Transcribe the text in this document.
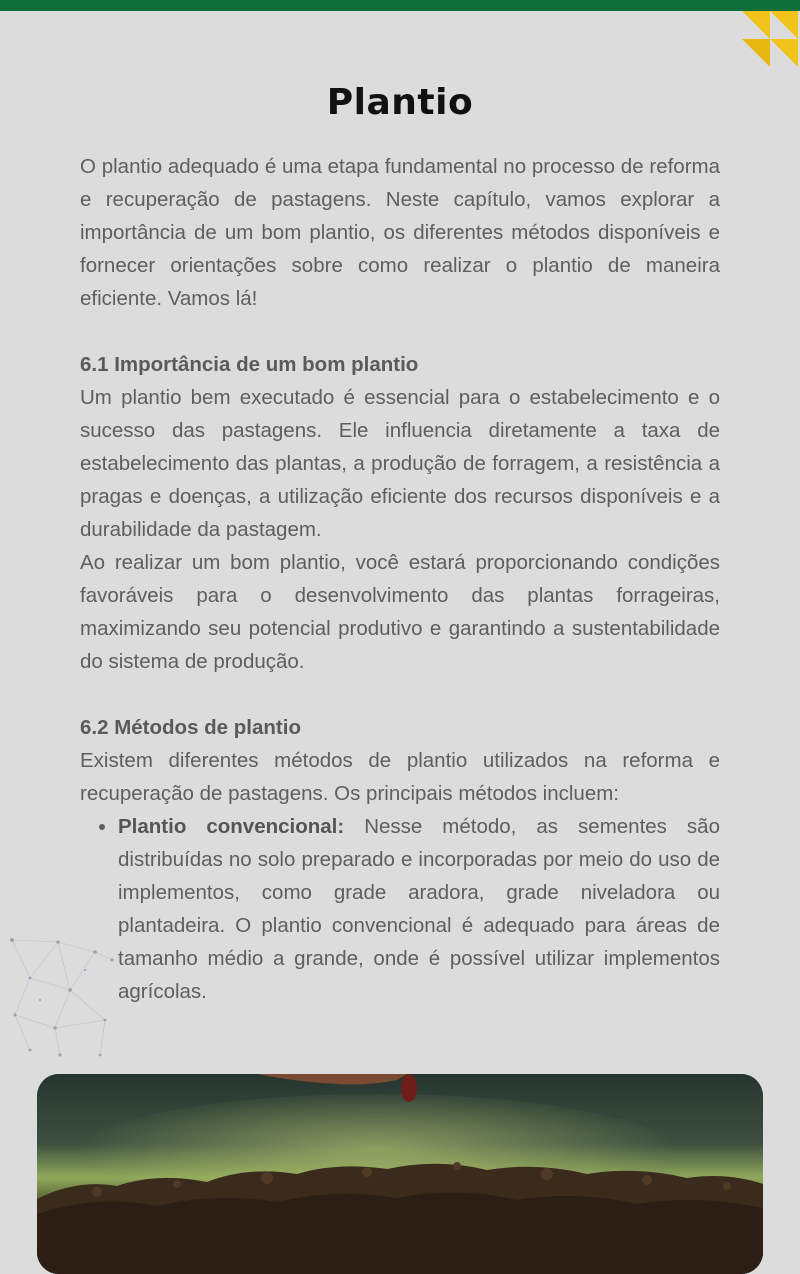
Plantio

O plantio adequado é uma etapa fundamental no processo de reforma e recuperação de pastagens. Neste capítulo, vamos explorar a importância de um bom plantio, os diferentes métodos disponíveis e fornecer orientações sobre como realizar o plantio de maneira eficiente. Vamos lá!

6.1 Importância de um bom plantio

Um plantio bem executado é essencial para o estabelecimento e o sucesso das pastagens. Ele influencia diretamente a taxa de estabelecimento das plantas, a produção de forragem, a resistência a pragas e doenças, a utilização eficiente dos recursos disponíveis e a durabilidade da pastagem.

Ao realizar um bom plantio, você estará proporcionando condições favoráveis para o desenvolvimento das plantas forrageiras, maximizando seu potencial produtivo e garantindo a sustentabilidade do sistema de produção.

6.2 Métodos de plantio

Existem diferentes métodos de plantio utilizados na reforma e recuperação de pastagens. Os principais métodos incluem:

• Plantio convencional: Nesse método, as sementes são distribuídas no solo preparado e incorporadas por meio do uso de implementos, como grade aradora, grade niveladora ou plantadeira. O plantio convencional é adequado para áreas de tamanho médio a grande, onde é possível utilizar implementos agrícolas.
